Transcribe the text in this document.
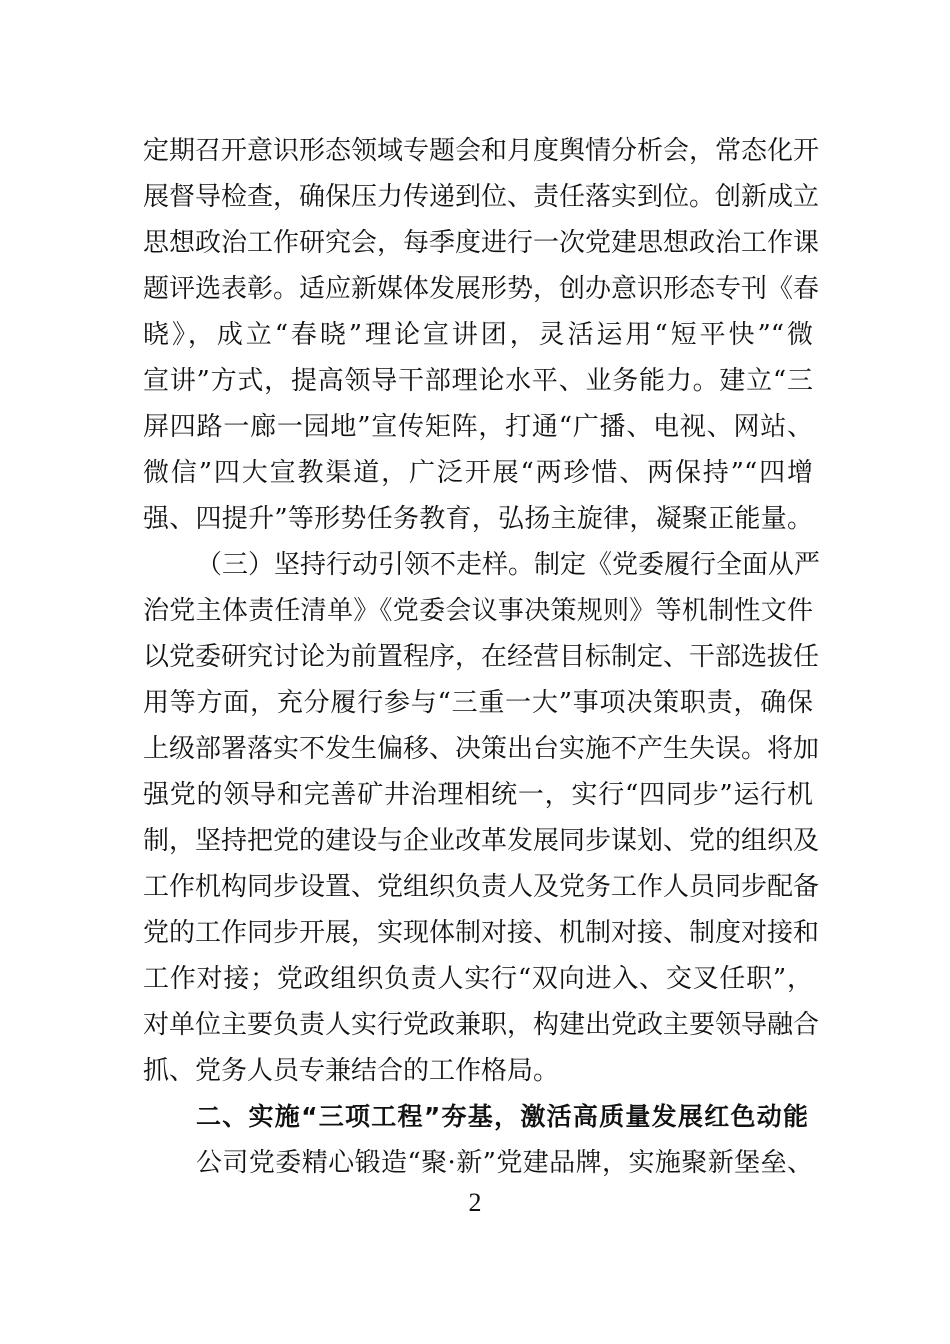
定期召开意识形态领域专题会和月度舆情分析会，常态化开
展督导检查，确保压力传递到位、责任落实到位。创新成立
思想政治工作研究会，每季度进行一次党建思想政治工作课
题评选表彰。适应新媒体发展形势，创办意识形态专刊《春
晓》，成立“春晓”理论宣讲团，灵活运用“短平快”“微
宣讲”方式，提高领导干部理论水平、业务能力。建立“三
屏四路一廊一园地”宣传矩阵，打通“广播、电视、网站、
微信”四大宣教渠道，广泛开展“两珍惜、两保持”“四增
强、四提升”等形势任务教育，弘扬主旋律，凝聚正能量。
（三）坚持行动引领不走样。制定《党委履行全面从严
治党主体责任清单》《党委会议事决策规则》等机制性文件
以党委研究讨论为前置程序，在经营目标制定、干部选拔任
用等方面，充分履行参与“三重一大”事项决策职责，确保
上级部署落实不发生偏移、决策出台实施不产生失误。将加
强党的领导和完善矿井治理相统一，实行“四同步”运行机
制，坚持把党的建设与企业改革发展同步谋划、党的组织及
工作机构同步设置、党组织负责人及党务工作人员同步配备
党的工作同步开展，实现体制对接、机制对接、制度对接和
工作对接；党政组织负责人实行“双向进入、交叉任职”，
对单位主要负责人实行党政兼职，构建出党政主要领导融合
抓、党务人员专兼结合的工作格局。
二、实施“三项工程”夯基，激活高质量发展红色动能
公司党委精心锻造“聚·新”党建品牌，实施聚新堡垒、
2
